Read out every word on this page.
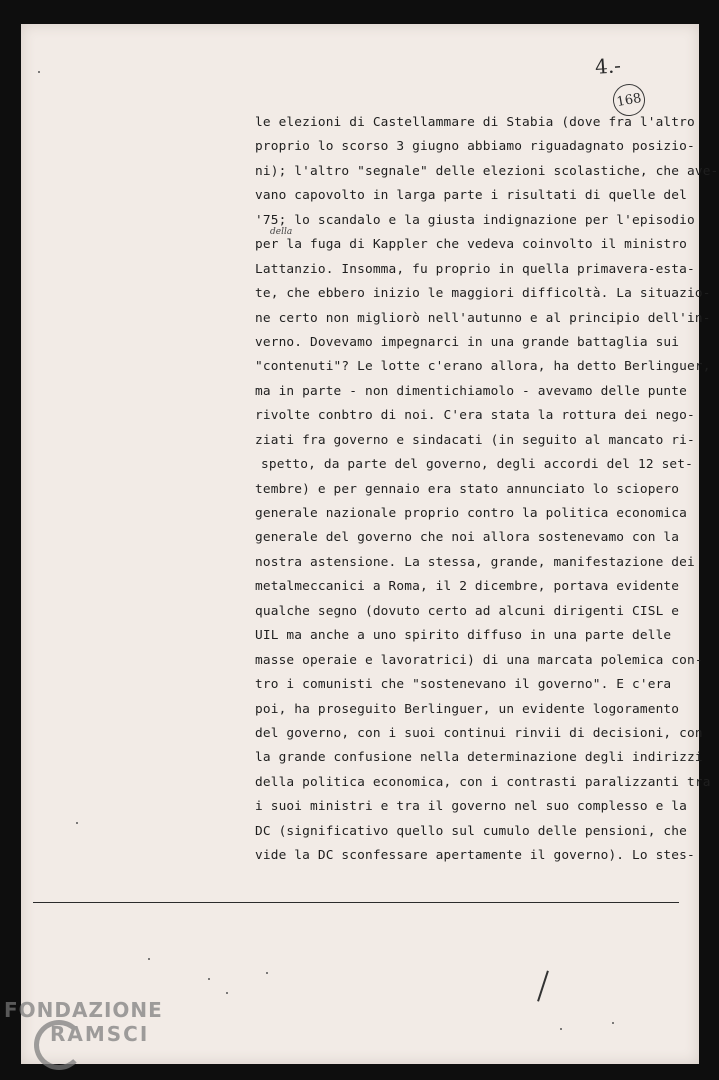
4.-
168
della
le elezioni di Castellammare di Stabia (dove fra l'altro
proprio lo scorso 3 giugno abbiamo riguadagnato posizio-
ni); l'altro "segnale" delle elezioni scolastiche, che ave-
vano capovolto in larga parte i risultati di quelle del
'75; lo scandalo e la giusta indignazione per l'episodio
per la fuga di Kappler che vedeva coinvolto il ministro
Lattanzio. Insomma, fu proprio in quella primavera-esta-
te, che ebbero inizio le maggiori difficoltà. La situazio-
ne certo non migliorò nell'autunno e al principio dell'in-
verno. Dovevamo impegnarci in una grande battaglia sui
"contenuti"? Le lotte c'erano allora, ha detto Berlinguer,
ma in parte - non dimentichiamolo - avevamo delle punte
rivolte conbtro di noi. C'era stata la rottura dei nego-
ziati fra governo e sindacati (in seguito al mancato ri-
spetto, da parte del governo, degli accordi del 12 set-
tembre) e per gennaio era stato annunciato lo sciopero
generale nazionale proprio contro la politica economica
generale del governo che noi allora sostenevamo con la
nostra astensione. La stessa, grande, manifestazione dei
metalmeccanici a Roma, il 2 dicembre, portava evidente
qualche segno (dovuto certo ad alcuni dirigenti CISL e
UIL ma anche a uno spirito diffuso in una parte delle
masse operaie e lavoratrici) di una marcata polemica con-
tro i comunisti che "sostenevano il governo". E c'era
poi, ha proseguito Berlinguer, un evidente logoramento
del governo, con i suoi continui rinvii di decisioni, con
la grande confusione nella determinazione degli indirizzi
della politica economica, con i contrasti paralizzanti tra
i suoi ministri e tra il governo nel suo complesso e la
DC (significativo quello sul cumulo delle pensioni, che
vide la DC sconfessare apertamente il governo). Lo stes-
FONDAZIONE
RAMSCI
